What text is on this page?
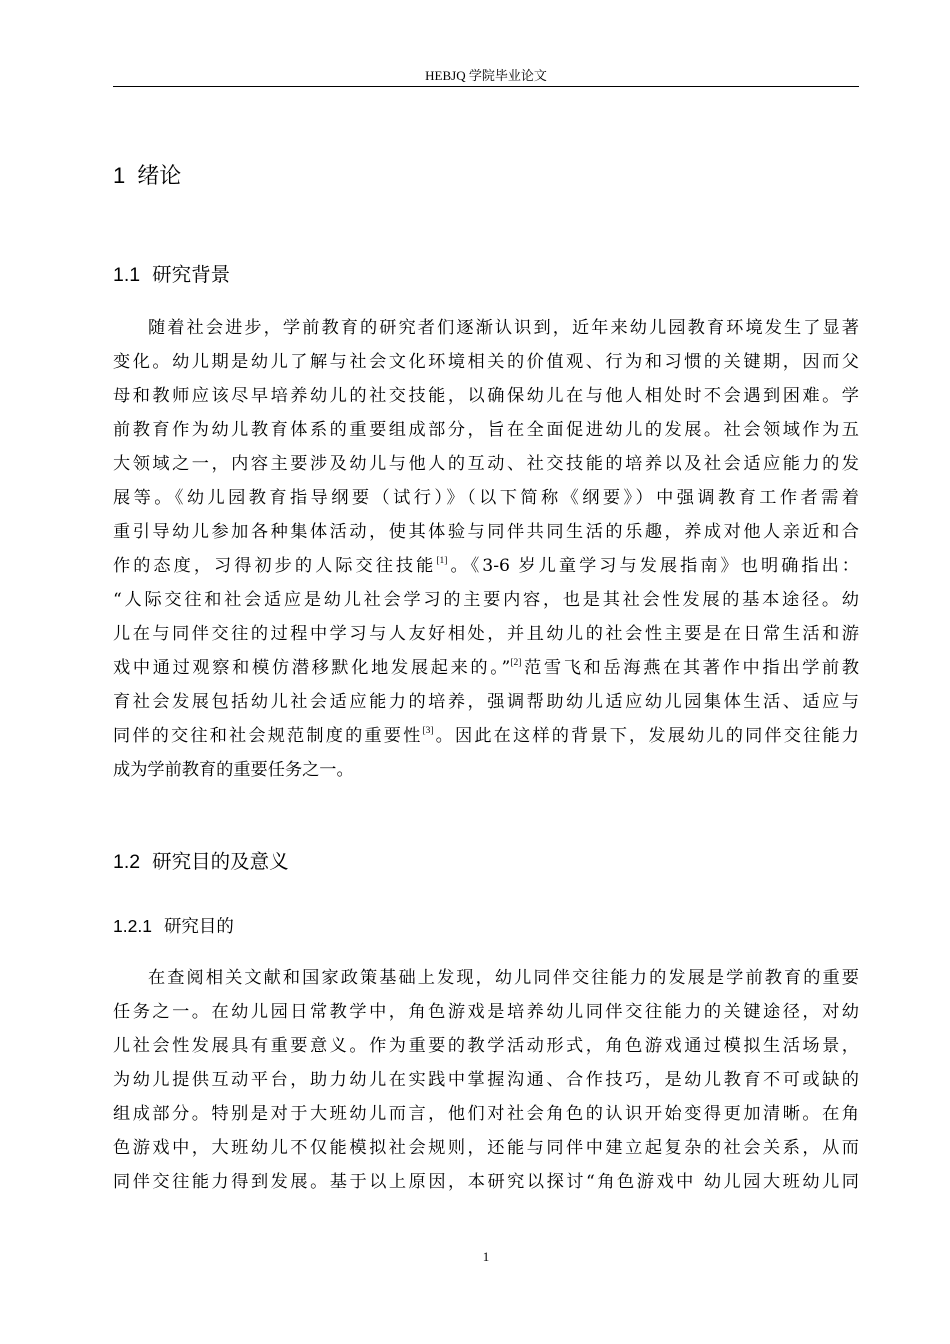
HEBJQ 学院毕业论文
1 绪论
1.1 研究背景
随着社会进步，学前教育的研究者们逐渐认识到，近年来幼儿园教育环境发生了显著
变化。幼儿期是幼儿了解与社会文化环境相关的价值观、行为和习惯的关键期，因而父
母和教师应该尽早培养幼儿的社交技能，以确保幼儿在与他人相处时不会遇到困难。学
前教育作为幼儿教育体系的重要组成部分，旨在全面促进幼儿的发展。社会领域作为五
大领域之一，内容主要涉及幼儿与他人的互动、社交技能的培养以及社会适应能力的发
展等。《幼儿园教育指导纲要（试行）》（以下简称《纲要》）中强调教育工作者需着
重引导幼儿参加各种集体活动，使其体验与同伴共同生活的乐趣，养成对他人亲近和合
作的态度，习得初步的人际交往技能[1]。《3-6 岁儿童学习与发展指南》也明确指出：
“人际交往和社会适应是幼儿社会学习的主要内容，也是其社会性发展的基本途径。幼
儿在与同伴交往的过程中学习与人友好相处，并且幼儿的社会性主要是在日常生活和游
戏中通过观察和模仿潜移默化地发展起来的。”[2]范雪飞和岳海燕在其著作中指出学前教
育社会发展包括幼儿社会适应能力的培养，强调帮助幼儿适应幼儿园集体生活、适应与
同伴的交往和社会规范制度的重要性[3]。因此在这样的背景下，发展幼儿的同伴交往能力
成为学前教育的重要任务之一。
1.2 研究目的及意义
1.2.1 研究目的
在查阅相关文献和国家政策基础上发现，幼儿同伴交往能力的发展是学前教育的重要
任务之一。在幼儿园日常教学中，角色游戏是培养幼儿同伴交往能力的关键途径，对幼
儿社会性发展具有重要意义。作为重要的教学活动形式，角色游戏通过模拟生活场景，
为幼儿提供互动平台，助力幼儿在实践中掌握沟通、合作技巧，是幼儿教育不可或缺的
组成部分。特别是对于大班幼儿而言，他们对社会角色的认识开始变得更加清晰。在角
色游戏中，大班幼儿不仅能模拟社会规则，还能与同伴中建立起复杂的社会关系，从而
同伴交往能力得到发展。基于以上原因，本研究以探讨“角色游戏中 幼儿园大班幼儿同
1
